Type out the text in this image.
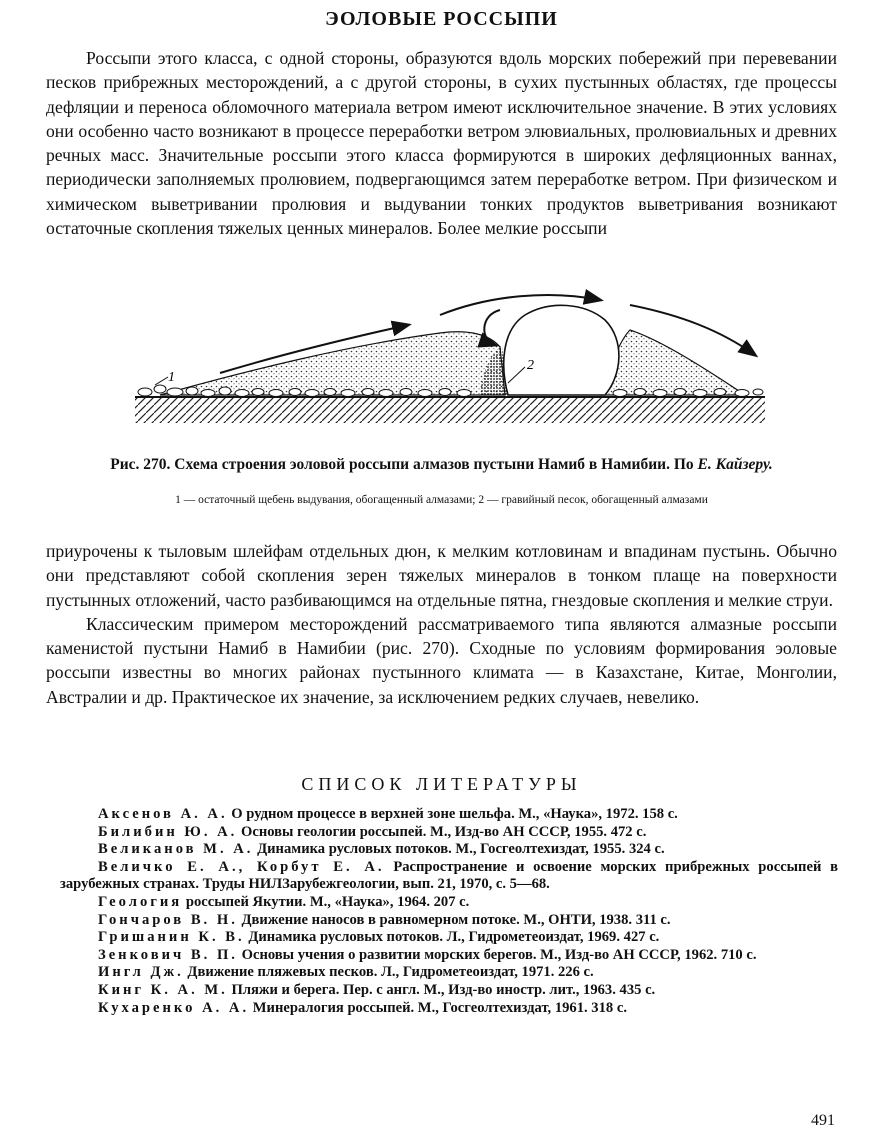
ЭОЛОВЫЕ РОССЫПИ

Россыпи этого класса, с одной стороны, образуются вдоль морских побережий при перевевании песков прибрежных месторождений, а с другой стороны, в сухих пустынных областях, где процессы дефляции и переноса обломочного материала ветром имеют исключительное значение. В этих условиях они особенно часто возникают в процессе переработки ветром элювиальных, пролювиальных и древних речных масс. Значительные россыпи этого класса формируются в широких дефляционных ваннах, периодически заполняемых пролювием, подвергающимся затем переработке ветром. При физическом и химическом выветривании пролювия и выдувании тонких продуктов выветривания возникают остаточные скопления тяжелых ценных минералов. Более мелкие россыпи

1
2
Рис. 270. Схема строения эоловой россыпи алмазов пустыни Намиб в Намибии. По Е. Кайзеру.
1 — остаточный щебень выдувания, обогащенный алмазами; 2 — гравийный песок, обогащенный алмазами

приурочены к тыловым шлейфам отдельных дюн, к мелким котловинам и впадинам пустынь. Обычно они представляют собой скопления зерен тяжелых минералов в тонком плаще на поверхности пустынных отложений, часто разбивающимся на отдельные пятна, гнездовые скопления и мелкие струи.

Классическим примером месторождений рассматриваемого типа являются алмазные россыпи каменистой пустыни Намиб в Намибии (рис. 270). Сходные по условиям формирования эоловые россыпи известны во многих районах пустынного климата — в Казахстане, Китае, Монголии, Австралии и др. Практическое их значение, за исключением редких случаев, невелико.

СПИСОК ЛИТЕРАТУРЫ
Аксенов А. А. О рудном процессе в верхней зоне шельфа. М., «Наука», 1972. 158 с.
Билибин Ю. А. Основы геологии россыпей. М., Изд-во АН СССР, 1955. 472 с.
Великанов М. А. Динамика русловых потоков. М., Госгеолтехиздат, 1955. 324 с.
Величко Е. А., Корбут Е. А. Распространение и освоение морских прибрежных россыпей в зарубежных странах. Труды НИЛЗарубежгеологии, вып. 21, 1970, с. 5—68.
Геология россыпей Якутии. М., «Наука», 1964. 207 с.
Гончаров В. Н. Движение наносов в равномерном потоке. М., ОНТИ, 1938. 311 с.
Гришанин К. В. Динамика русловых потоков. Л., Гидрометеоиздат, 1969. 427 с.
Зенкович В. П. Основы учения о развитии морских берегов. М., Изд-во АН СССР, 1962. 710 с.
Ингл Дж. Движение пляжевых песков. Л., Гидрометеоиздат, 1971. 226 с.
Кинг К. А. М. Пляжи и берега. Пер. с англ. М., Изд-во иностр. лит., 1963. 435 с.
Кухаренко А. А. Минералогия россыпей. М., Госгеолтехиздат, 1961. 318 с.
491
